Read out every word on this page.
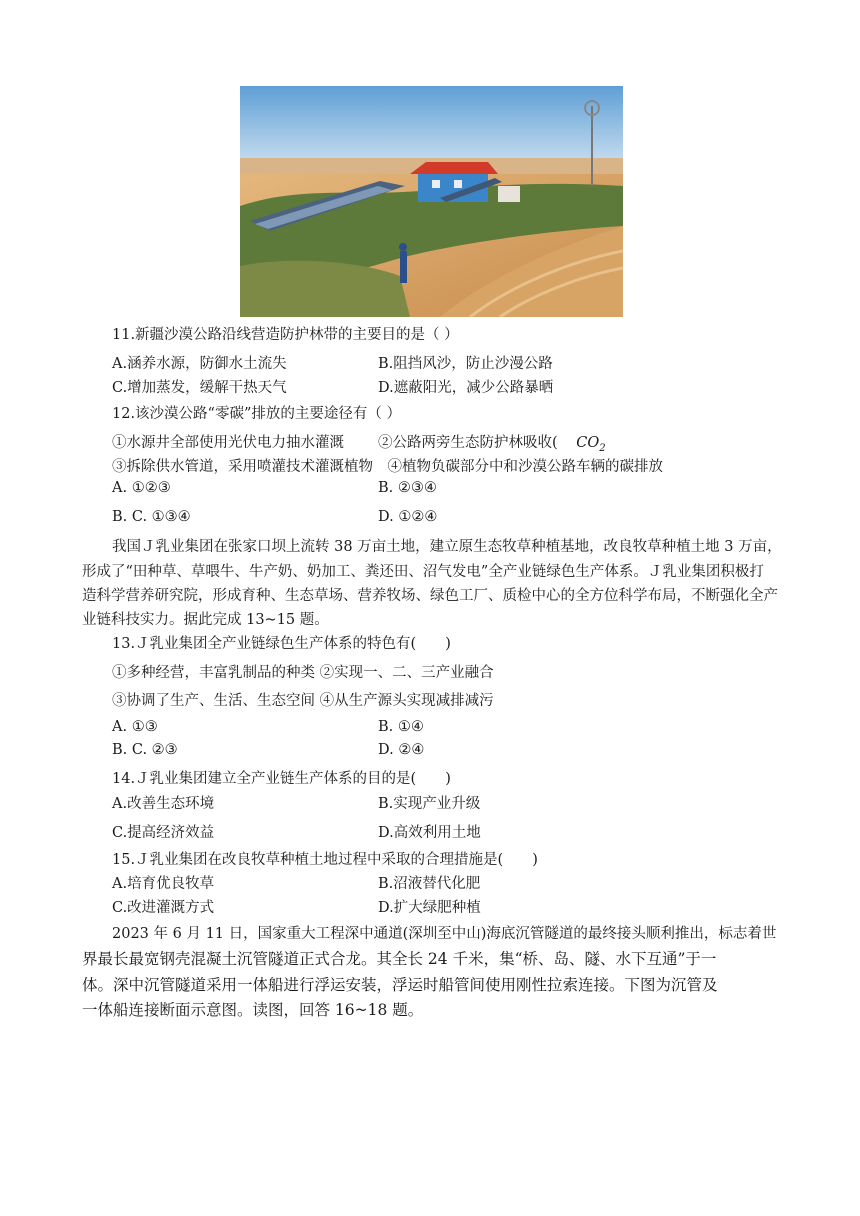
11.新疆沙漠公路沿线营造防护林带的主要目的是（ ）
A.涵养水源，防御水土流失	B.阻挡风沙，防止沙漫公路
C.增加蒸发，缓解干热天气	D.遮蔽阳光，减少公路暴晒
12.该沙漠公路“零碳”排放的主要途径有（ ）
①水源井全部使用光伏电力抽水灌溉 ②公路两旁生态防护林吸收( $CO_2$
③拆除供水管道，采用喷灌技术灌溉植物　④植物负碳部分中和沙漠公路车辆的碳排放
A. ①②③	B. ②③④
B. C. ①③④	D. ①②④
我国Ｊ乳业集团在张家口坝上流转 38 万亩土地，建立原生态牧草种植基地，改良牧草种植土地 3 万亩，
形成了“田种草、草喂牛、牛产奶、奶加工、粪还田、沼气发电”全产业链绿色生产体系。Ｊ乳业集团积极打
造科学营养研究院，形成育种、生态草场、营养牧场、绿色工厂、质检中心的全方位科学布局，不断强化全产
业链科技实力。据此完成 13~15 题。
13.Ｊ乳业集团全产业链绿色生产体系的特色有(　　)
①多种经营，丰富乳制品的种类 ②实现一、二、三产业融合
③协调了生产、生活、生态空间 ④从生产源头实现减排减污
A. ①③	B. ①④
B. C. ②③	D. ②④
14.Ｊ乳业集团建立全产业链生产体系的目的是(　　)
A.改善生态环境	B.实现产业升级
C.提高经济效益	D.高效利用土地
15.Ｊ乳业集团在改良牧草种植土地过程中采取的合理措施是(　　)
A.培育优良牧草	B.沼液替代化肥
C.改进灌溉方式	D.扩大绿肥种植
2023 年 6 月 11 日，国家重大工程深中通道(深圳至中山)海底沉管隧道的最终接头顺利推出，标志着世
界最长最宽钢壳混凝土沉管隧道正式合龙。其全长 24 千米，集“桥、岛、隧、水下互通”于一
体。深中沉管隧道采用一体船进行浮运安装，浮运时船管间使用刚性拉索连接。下图为沉管及
一体船连接断面示意图。读图，回答 16~18 题。
